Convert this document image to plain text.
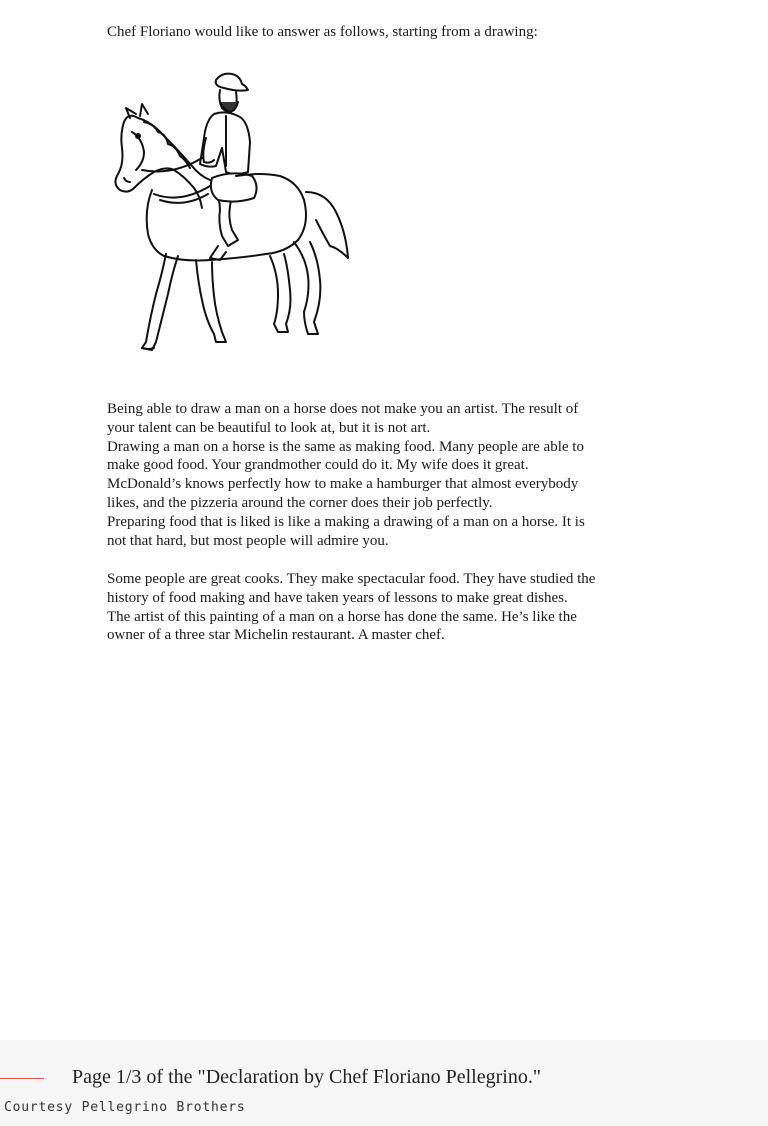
Chef Floriano would like to answer as follows, starting from a drawing:

Being able to draw a man on a horse does not make you an artist. The result of
your talent can be beautiful to look at, but it is not art.
Drawing a man on a horse is the same as making food. Many people are able to
make good food. Your grandmother could do it. My wife does it great.
McDonald’s knows perfectly how to make a hamburger that almost everybody
likes, and the pizzeria around the corner does their job perfectly.
Preparing food that is liked is like a making a drawing of a man on a horse. It is
not that hard, but most people will admire you.
Some people are great cooks. They make spectacular food. They have studied the
history of food making and have taken years of lessons to make great dishes.
The artist of this painting of a man on a horse has done the same. He’s like the
owner of a three star Michelin restaurant. A master chef.
Page 1/3 of the "Declaration by Chef Floriano Pellegrino."
Courtesy Pellegrino Brothers
